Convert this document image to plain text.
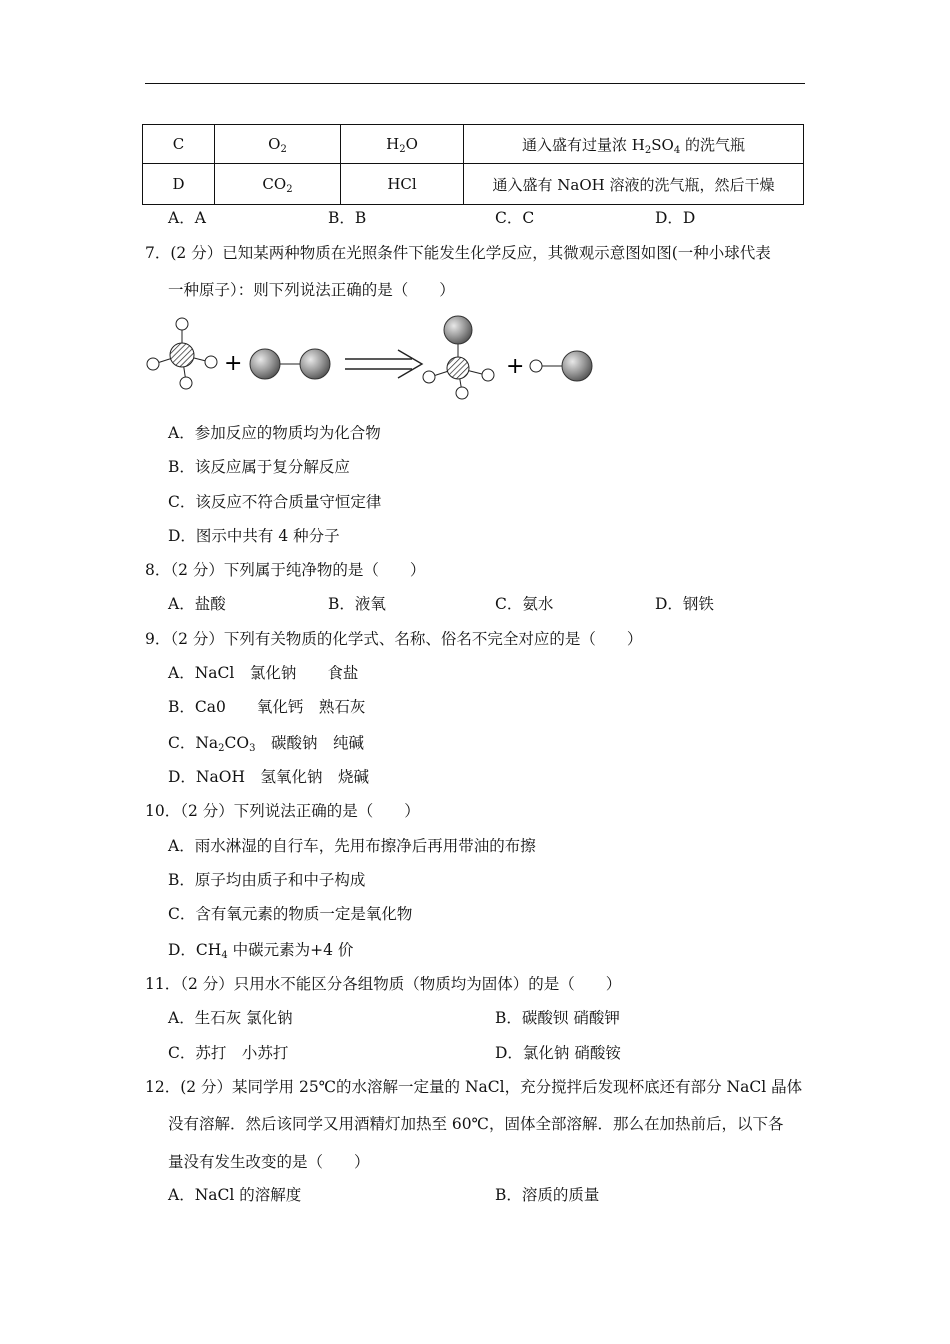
C	$O_2$	$H_2O$	通入盛有过量浓 $H_2SO_4$ 的洗气瓶
D	$CO_2$	HCl	通入盛有 NaOH 溶液的洗气瓶，然后干燥
A．A	B．B	C．C	D．D
7．(2 分）已知某两种物质在光照条件下能发生化学反应，其微观示意图如图(一种小球代表
一种原子）：则下列说法正确的是（　　）
+	+
A．参加反应的物质均为化合物
B．该反应属于复分解反应
C．该反应不符合质量守恒定律
D．图示中共有 4 种分子
8．（2 分）下列属于纯净物的是（　　）
A．盐酸	B．液氧	C．氨水	D．钢铁
9．（2 分）下列有关物质的化学式、名称、俗名不完全对应的是（　　）
A．NaCl　氯化钠　　食盐
B．Ca0　　氧化钙　熟石灰
C．$Na_2CO_3$　碳酸钠　纯碱
D．NaOH　氢氧化钠　烧碱
10．（2 分）下列说法正确的是（　　）
A．雨水淋湿的自行车，先用布擦净后再用带油的布擦
B．原子均由质子和中子构成
C．含有氧元素的物质一定是氧化物
D．$CH_4$ 中碳元素为+4 价
11．（2 分）只用水不能区分各组物质（物质均为固体）的是（　　）
A．生石灰 氯化钠	B．碳酸钡 硝酸钾
C．苏打　小苏打	D．氯化钠 硝酸铵
12．(2 分）某同学用 25℃的水溶解一定量的 NaCl，充分搅拌后发现杯底还有部分 NaCl 晶体
没有溶解．然后该同学又用酒精灯加热至 60℃，固体全部溶解．那么在加热前后，以下各
量没有发生改变的是（　　）
A．NaCl 的溶解度	B．溶质的质量
